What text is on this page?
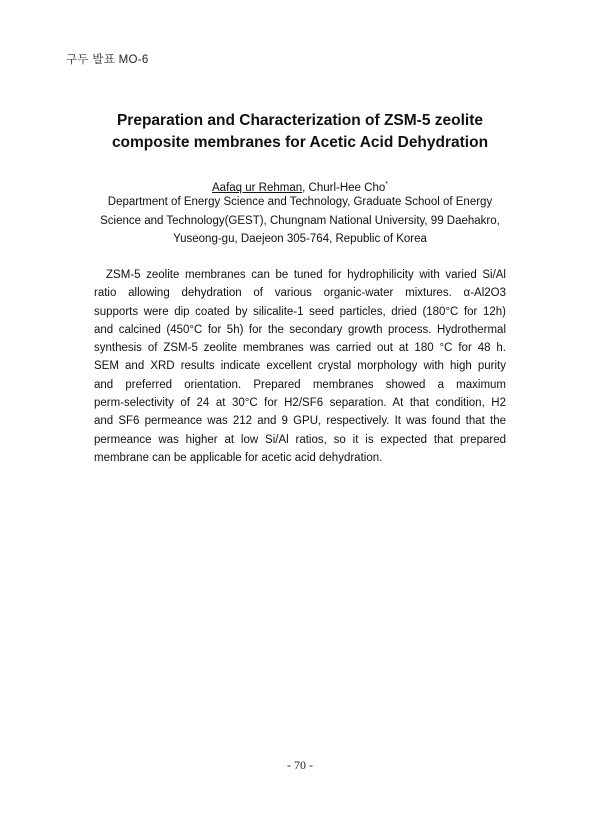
구두 발표 MO-6
Preparation and Characterization of ZSM-5 zeolite
composite membranes for Acetic Acid Dehydration
Aafaq ur Rehman, Churl-Hee Cho*
Department of Energy Science and Technology, Graduate School of Energy
Science and Technology(GEST), Chungnam National University, 99 Daehakro,
Yuseong-gu, Daejeon 305-764, Republic of Korea
ZSM-5 zeolite membranes can be tuned for hydrophilicity with varied Si/Al
ratio allowing dehydration of various organic-water mixtures. α-Al2O3
supports were dip coated by silicalite-1 seed particles, dried (180°C for 12h)
and calcined (450°C for 5h) for the secondary growth process. Hydrothermal
synthesis of ZSM-5 zeolite membranes was carried out at 180 °C for 48 h.
SEM and XRD results indicate excellent crystal morphology with high purity
and preferred orientation. Prepared membranes showed a maximum
perm-selectivity of 24 at 30°C for H2/SF6 separation. At that condition, H2
and SF6 permeance was 212 and 9 GPU, respectively. It was found that the
permeance was higher at low Si/Al ratios, so it is expected that prepared
membrane can be applicable for acetic acid dehydration.
- 70 -
